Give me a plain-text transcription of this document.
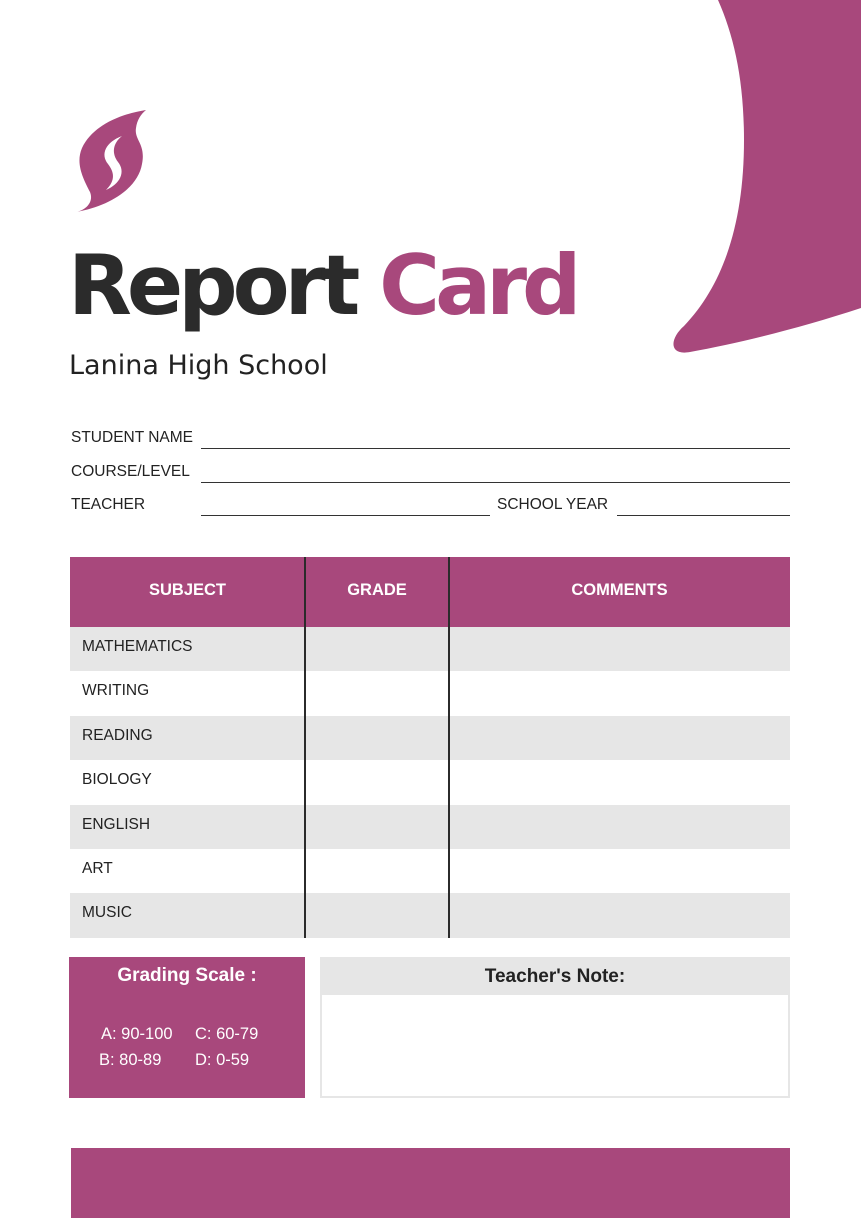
Report Card
Lanina High School
STUDENT NAME
COURSE/LEVEL
TEACHER	SCHOOL YEAR
SUBJECT	GRADE	COMMENTS
MATHEMATICS
WRITING
READING
BIOLOGY
ENGLISH
ART
MUSIC
Grading Scale :
A: 90-100 C: 60-79
B: 80-89 D: 0-59
Teacher's Note:
